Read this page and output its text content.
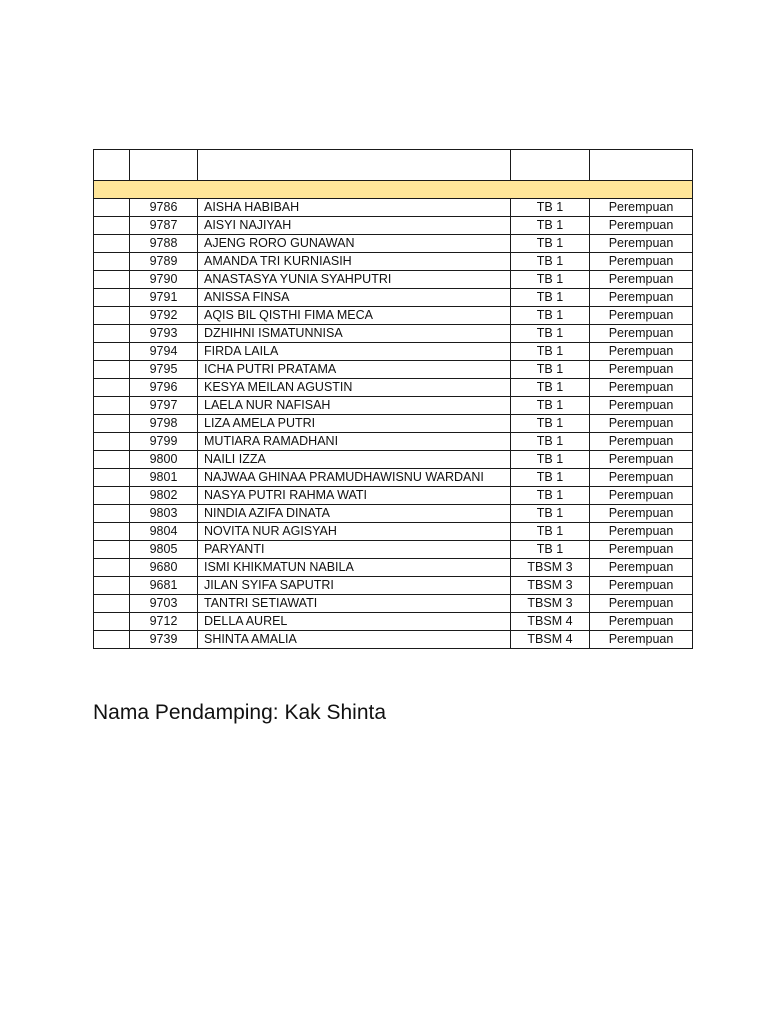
	9786	AISHA HABIBAH	TB 1	Perempuan
	9787	AISYI NAJIYAH	TB 1	Perempuan
	9788	AJENG RORO GUNAWAN	TB 1	Perempuan
	9789	AMANDA TRI KURNIASIH	TB 1	Perempuan
	9790	ANASTASYA YUNIA SYAHPUTRI	TB 1	Perempuan
	9791	ANISSA FINSA	TB 1	Perempuan
	9792	AQIS BIL QISTHI FIMA MECA	TB 1	Perempuan
	9793	DZHIHNI ISMATUNNISA	TB 1	Perempuan
	9794	FIRDA LAILA	TB 1	Perempuan
	9795	ICHA PUTRI PRATAMA	TB 1	Perempuan
	9796	KESYA MEILAN AGUSTIN	TB 1	Perempuan
	9797	LAELA NUR NAFISAH	TB 1	Perempuan
	9798	LIZA AMELA PUTRI	TB 1	Perempuan
	9799	MUTIARA RAMADHANI	TB 1	Perempuan
	9800	NAILI IZZA	TB 1	Perempuan
	9801	NAJWAA GHINAA PRAMUDHAWISNU WARDANI	TB 1	Perempuan
	9802	NASYA PUTRI RAHMA WATI	TB 1	Perempuan
	9803	NINDIA AZIFA DINATA	TB 1	Perempuan
	9804	NOVITA NUR AGISYAH	TB 1	Perempuan
	9805	PARYANTI	TB 1	Perempuan
	9680	ISMI KHIKMATUN NABILA	TBSM 3	Perempuan
	9681	JILAN SYIFA SAPUTRI	TBSM 3	Perempuan
	9703	TANTRI SETIAWATI	TBSM 3	Perempuan
	9712	DELLA AUREL	TBSM 4	Perempuan
	9739	SHINTA AMALIA	TBSM 4	Perempuan
Nama Pendamping: Kak Shinta
